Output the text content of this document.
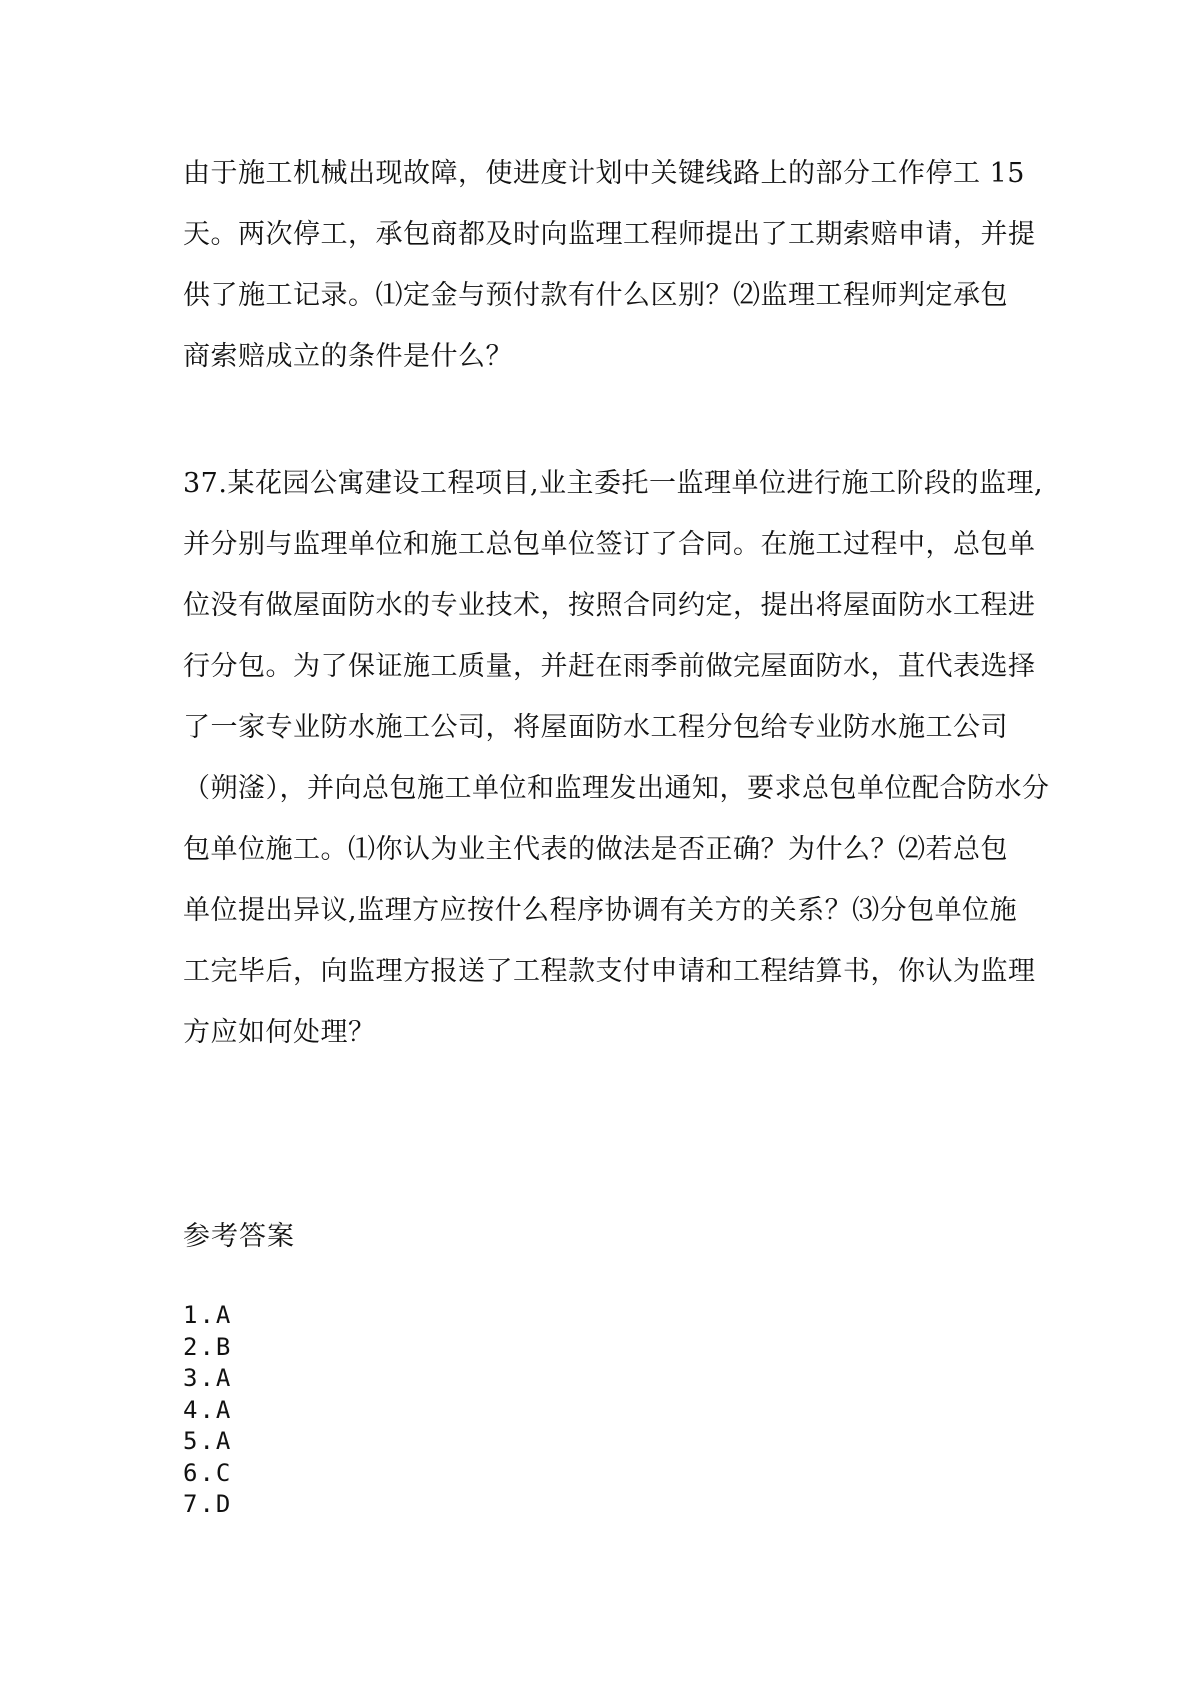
由于施工机械出现故障，使进度计划中关键线路上的部分工作停工 15
天。两次停工，承包商都及时向监理工程师提出了工期索赔申请，并提
供了施工记录。⑴定金与预付款有什么区别？⑵监理工程师判定承包
商索赔成立的条件是什么？
37.某花园公寓建设工程项目,业主委托一监理单位进行施工阶段的监理,
并分别与监理单位和施工总包单位签订了合同。在施工过程中，总包单
位没有做屋面防水的专业技术，按照合同约定，提出将屋面防水工程进
行分包。为了保证施工质量，并赶在雨季前做完屋面防水，苴代表选择
了一家专业防水施工公司，将屋面防水工程分包给专业防水施工公司
（朔滏），并向总包施工单位和监理发出通知，要求总包单位配合防水分
包单位施工。⑴你认为业主代表的做法是否正确？为什么？⑵若总包
单位提出异议,监理方应按什么程序协调有关方的关系？⑶分包单位施
工完毕后，向监理方报送了工程款支付申请和工程结算书，你认为监理
方应如何处理？
参考答案
1.A
2.B
3.A
4.A
5.A
6.C
7.D
